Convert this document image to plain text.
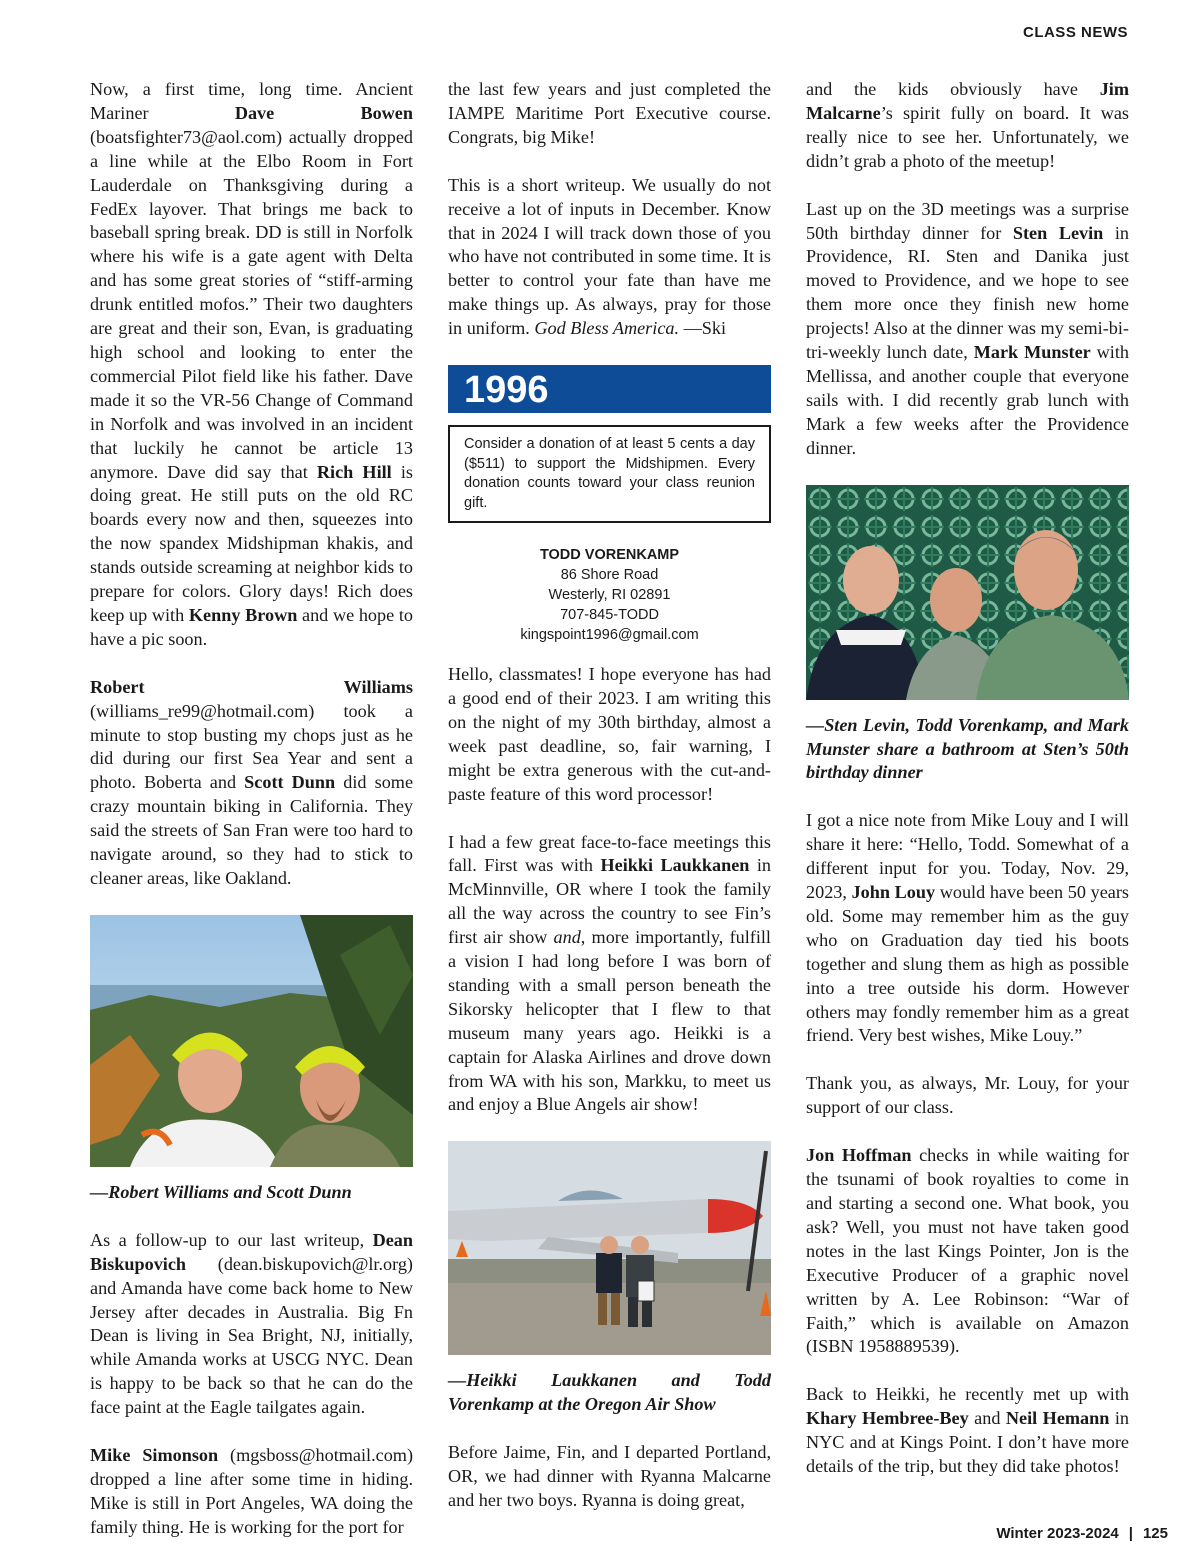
CLASS NEWS

Now, a first time, long time. Ancient Mariner Dave Bowen (boatsfighter73@aol.com) actually dropped a line while at the Elbo Room in Fort Lauderdale on Thanksgiving during a FedEx layover. That brings me back to baseball spring break. DD is still in Norfolk where his wife is a gate agent with Delta and has some great stories of “stiff-arming drunk entitled mofos.” Their two daughters are great and their son, Evan, is graduating high school and looking to enter the commercial Pilot field like his father. Dave made it so the VR-56 Change of Command in Norfolk and was involved in an incident that luckily he cannot be article 13 anymore. Dave did say that Rich Hill is doing great. He still puts on the old RC boards every now and then, squeezes into the now spandex Midshipman khakis, and stands outside screaming at neighbor kids to prepare for colors. Glory days! Rich does keep up with Kenny Brown and we hope to have a pic soon.

Robert Williams (williams_re99@hotmail.com) took a minute to stop busting my chops just as he did during our first Sea Year and sent a photo. Boberta and Scott Dunn did some crazy mountain biking in California. They said the streets of San Fran were too hard to navigate around, so they had to stick to cleaner areas, like Oakland.

—Robert Williams and Scott Dunn

As a follow-up to our last writeup, Dean Biskupovich (dean.biskupovich@lr.org) and Amanda have come back home to New Jersey after decades in Australia. Big Fn Dean is living in Sea Bright, NJ, initially, while Amanda works at USCG NYC. Dean is happy to be back so that he can do the face paint at the Eagle tailgates again.

Mike Simonson (mgsboss@hotmail.com) dropped a line after some time in hiding. Mike is still in Port Angeles, WA doing the family thing. He is working for the port for

the last few years and just completed the IAMPE Maritime Port Executive course. Congrats, big Mike!

This is a short writeup. We usually do not receive a lot of inputs in December. Know that in 2024 I will track down those of you who have not contributed in some time. It is better to control your fate than have me make things up. As always, pray for those in uniform. God Bless America. —Ski

1996
Consider a donation of at least 5 cents a day ($511) to support the Midshipmen. Every donation counts toward your class reunion gift.
TODD VORENKAMP
86 Shore Road
Westerly, RI 02891
707-845-TODD
kingspoint1996@gmail.com

Hello, classmates! I hope everyone has had a good end of their 2023. I am writing this on the night of my 30th birthday, almost a week past deadline, so, fair warning, I might be extra generous with the cut-and-paste feature of this word processor!

I had a few great face-to-face meetings this fall. First was with Heikki Laukkanen in McMinnville, OR where I took the family all the way across the country to see Fin’s first air show and, more importantly, fulfill a vision I had long before I was born of standing with a small person beneath the Sikorsky helicopter that I flew to that museum many years ago. Heikki is a captain for Alaska Airlines and drove down from WA with his son, Markku, to meet us and enjoy a Blue Angels air show!

—Heikki Laukkanen and Todd Vorenkamp at the Oregon Air Show

Before Jaime, Fin, and I departed Portland, OR, we had dinner with Ryanna Malcarne and her two boys. Ryanna is doing great,

and the kids obviously have Jim Malcarne’s spirit fully on board. It was really nice to see her. Unfortunately, we didn’t grab a photo of the meetup!

Last up on the 3D meetings was a surprise 50th birthday dinner for Sten Levin in Providence, RI. Sten and Danika just moved to Providence, and we hope to see them more once they finish new home projects! Also at the dinner was my semi-bi-tri-weekly lunch date, Mark Munster with Mellissa, and another couple that everyone sails with. I did recently grab lunch with Mark a few weeks after the Providence dinner.

—Sten Levin, Todd Vorenkamp, and Mark Munster share a bathroom at Sten’s 50th birthday dinner

I got a nice note from Mike Louy and I will share it here: “Hello, Todd. Somewhat of a different input for you. Today, Nov. 29, 2023, John Louy would have been 50 years old. Some may remember him as the guy who on Graduation day tied his boots together and slung them as high as possible into a tree outside his dorm. However others may fondly remember him as a great friend. Very best wishes, Mike Louy.”

Thank you, as always, Mr. Louy, for your support of our class.

Jon Hoffman checks in while waiting for the tsunami of book royalties to come in and starting a second one. What book, you ask? Well, you must not have taken good notes in the last Kings Pointer, Jon is the Executive Producer of a graphic novel written by A. Lee Robinson: “War of Faith,” which is available on Amazon (ISBN 1958889539).

Back to Heikki, he recently met up with Khary Hembree-Bey and Neil Hemann in NYC and at Kings Point. I don’t have more details of the trip, but they did take photos!

Winter 2023-2024 | 125
